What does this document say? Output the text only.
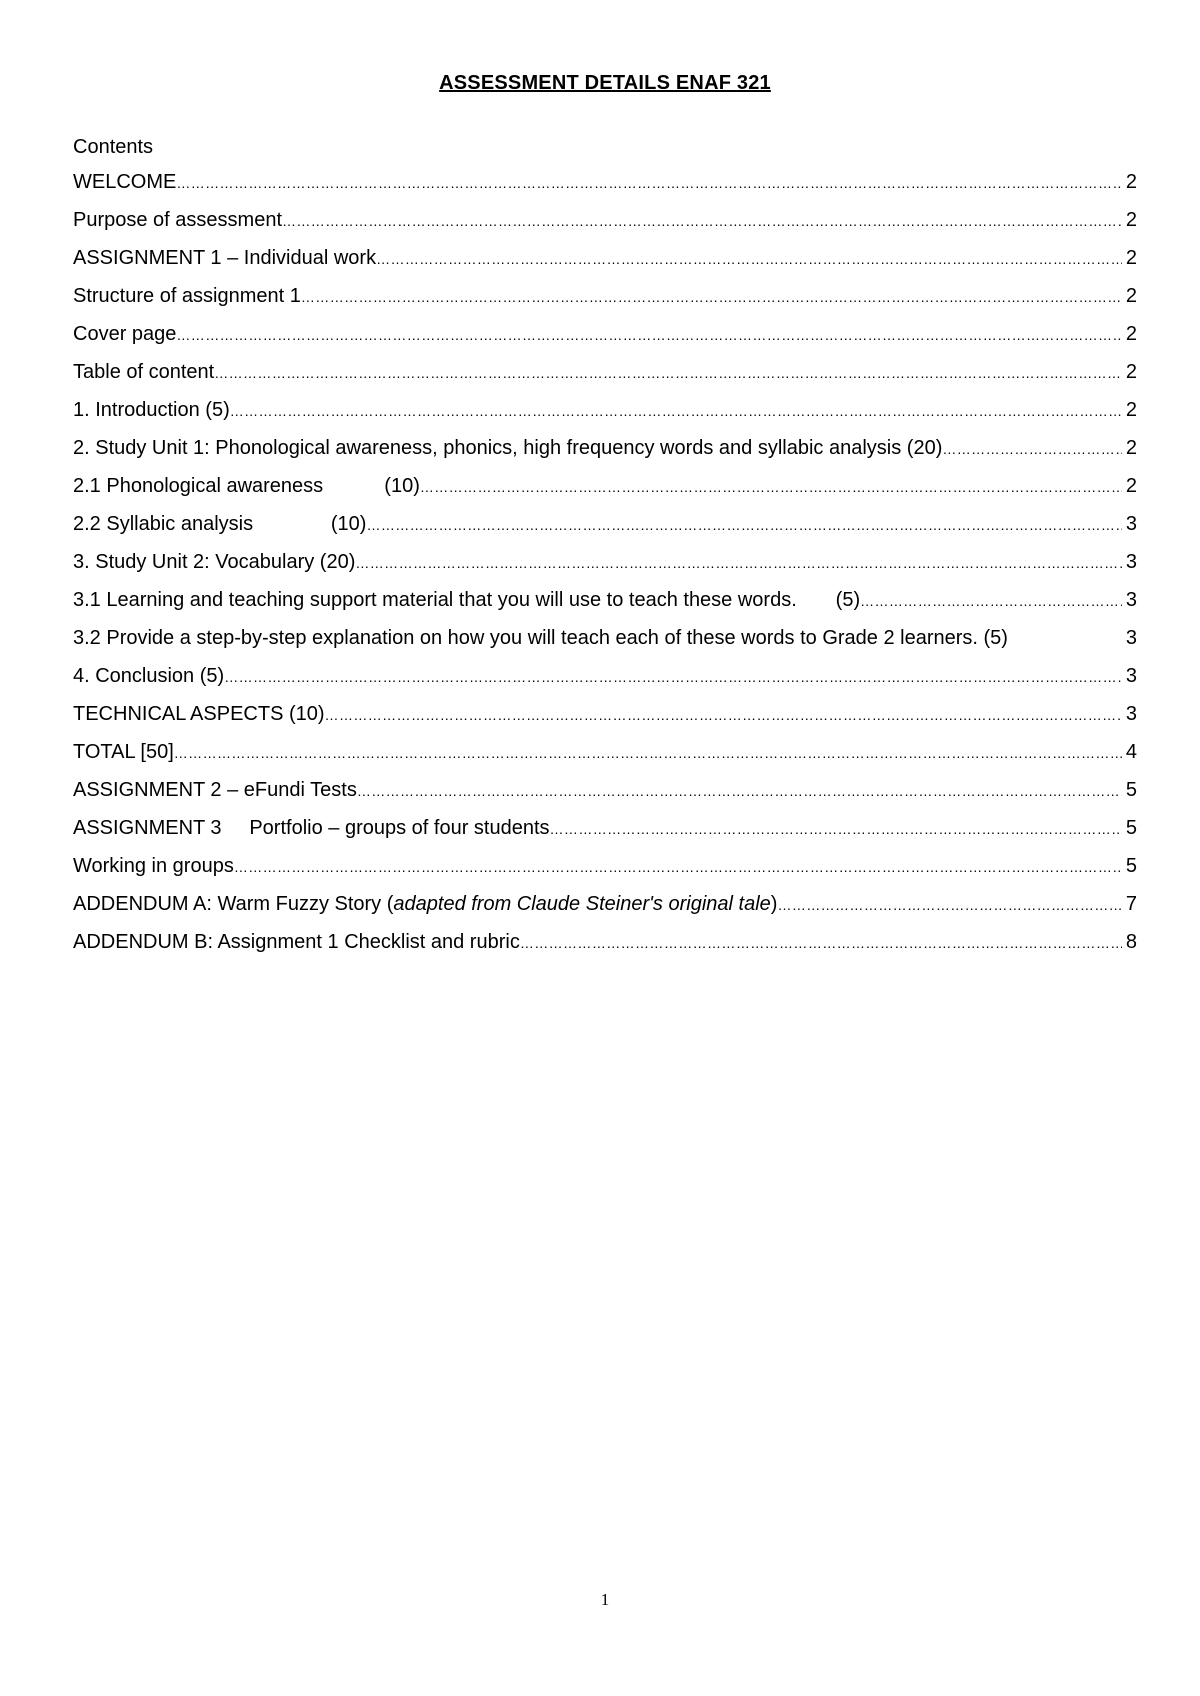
ASSESSMENT DETAILS ENAF 321
Contents
WELCOME ……………………………………………………………………………………………………………………………………………………………………………………………………………………………………………………………………………………………	2
Purpose of assessment ……………………………………………………………………………………………………………………………………………………………………………………………………………………………………………………………………………………………	2
ASSIGNMENT 1 – Individual work ……………………………………………………………………………………………………………………………………………………………………………………………………………………………………………………………………………………………	2
Structure of assignment 1 ……………………………………………………………………………………………………………………………………………………………………………………………………………………………………………………………………………………………	2
Cover page ……………………………………………………………………………………………………………………………………………………………………………………………………………………………………………………………………………………………	2
Table of content ……………………………………………………………………………………………………………………………………………………………………………………………………………………………………………………………………………………………	2
1. Introduction (5) ……………………………………………………………………………………………………………………………………………………………………………………………………………………………………………………………………………………………	2
2. Study Unit 1: Phonological awareness, phonics, high frequency words and syllabic analysis (20) ……………………………………………………………………………………………………………………………………………………………………………………………………………………………………………………………………………………………	2
2.1 Phonological awareness           (10) ……………………………………………………………………………………………………………………………………………………………………………………………………………………………………………………………………………………………	2
2.2 Syllabic analysis              (10) ……………………………………………………………………………………………………………………………………………………………………………………………………………………………………………………………………………………………	3
3. Study Unit 2: Vocabulary (20) ……………………………………………………………………………………………………………………………………………………………………………………………………………………………………………………………………………………………	3
3.1 Learning and teaching support material that you will use to teach these words.       (5) ……………………………………………………………………………………………………………………………………………………………………………………………………………………………………………………………………………………………	3
3.2 Provide a step-by-step explanation on how you will teach each of these words to Grade 2 learners. (5)	3
4. Conclusion (5) ……………………………………………………………………………………………………………………………………………………………………………………………………………………………………………………………………………………………	3
TECHNICAL ASPECTS (10) ……………………………………………………………………………………………………………………………………………………………………………………………………………………………………………………………………………………………	3
TOTAL [50] ……………………………………………………………………………………………………………………………………………………………………………………………………………………………………………………………………………………………	4
ASSIGNMENT 2 – eFundi Tests ……………………………………………………………………………………………………………………………………………………………………………………………………………………………………………………………………………………………	5
ASSIGNMENT 3     Portfolio – groups of four students ……………………………………………………………………………………………………………………………………………………………………………………………………………………………………………………………………………………………	5
Working in groups ……………………………………………………………………………………………………………………………………………………………………………………………………………………………………………………………………………………………	5
ADDENDUM A: Warm Fuzzy Story (adapted from Claude Steiner's original tale) ……………………………………………………………………………………………………………………………………………………………………………………………………………………………………………………………………………………………	7
ADDENDUM B: Assignment 1 Checklist and rubric ……………………………………………………………………………………………………………………………………………………………………………………………………………………………………………………………………………………………	8
1
